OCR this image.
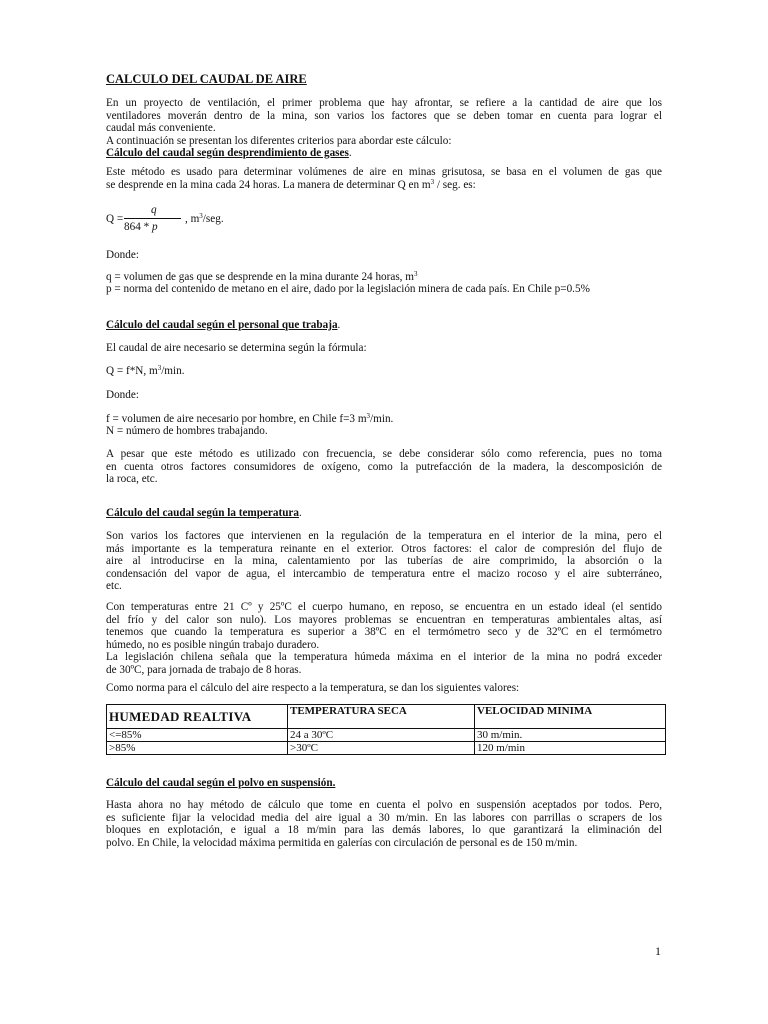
CALCULO DEL CAUDAL DE AIRE
En un proyecto de ventilación, el primer problema que hay afrontar, se refiere a la cantidad de aire que los
ventiladores moverán dentro de la mina, son varios los factores que se deben tomar en cuenta para lograr el
caudal más conveniente.
A continuación se presentan los diferentes criterios para abordar este cálculo:
Cálculo del caudal según desprendimiento de gases.
Este método es usado para determinar volúmenes de aire en minas grisutosa, se basa en el volumen de gas que
se desprende en la mina cada 24 horas. La manera de determinar Q en $m^3$ / seg. es:
Q =
q
864 * p
, $m^3$/seg.
Donde:
q = volumen de gas que se desprende en la mina durante 24 horas, $m^3$
p = norma del contenido de metano en el aire, dado por la legislación minera de cada país. En Chile p=0.5%
Cálculo del caudal según el personal que trabaja.
El caudal de aire necesario se determina según la fórmula:
Q = f*N, $m^3/\min$.
Donde:
f = volumen de aire necesario por hombre, en Chile f=3 $m^3/\min$.
N = número de hombres trabajando.
A pesar que este método es utilizado con frecuencia, se debe considerar sólo como referencia, pues no toma
en cuenta otros factores consumidores de oxígeno, como la putrefacción de la madera, la descomposición de
la roca, etc.
Cálculo del caudal según la temperatura.
Son varios los factores que intervienen en la regulación de la temperatura en el interior de la mina, pero el
más importante es la temperatura reinante en el exterior. Otros factores: el calor de compresión del flujo de
aire al introducirse en la mina, calentamiento por las tuberías de aire comprimido, la absorción o la
condensación del vapor de agua, el intercambio de temperatura entre el macizo rocoso y el aire subterráneo,
etc.
Con temperaturas entre 21 Cº y 25ºC el cuerpo humano, en reposo, se encuentra en un estado ideal (el sentido
del frío y del calor son nulo). Los mayores problemas se encuentran en temperaturas ambientales altas, así
tenemos que cuando la temperatura es superior a 38ºC en el termómetro seco y de 32ºC en el termómetro
húmedo, no es posible ningún trabajo duradero.
La legislación chilena señala que la temperatura húmeda máxima en el interior de la mina no podrá exceder
de 30ºC, para jornada de trabajo de 8 horas.
Como norma para el cálculo del aire respecto a la temperatura, se dan los siguientes valores:
HUMEDAD REALTIVA	TEMPERATURA SECA	VELOCIDAD MINIMA
<=85%	24 a 30ºC	30 m/min.
>85%	>30ºC	120 m/min
Cálculo del caudal según el polvo en suspensión.
Hasta ahora no hay método de cálculo que tome en cuenta el polvo en suspensión aceptados por todos. Pero,
es suficiente fijar la velocidad media del aire igual a 30 m/min. En las labores con parrillas o scrapers de los
bloques en explotación, e igual a 18 m/min para las demás labores, lo que garantizará la eliminación del
polvo. En Chile, la velocidad máxima permitida en galerías con circulación de personal es de 150 m/min.
1
